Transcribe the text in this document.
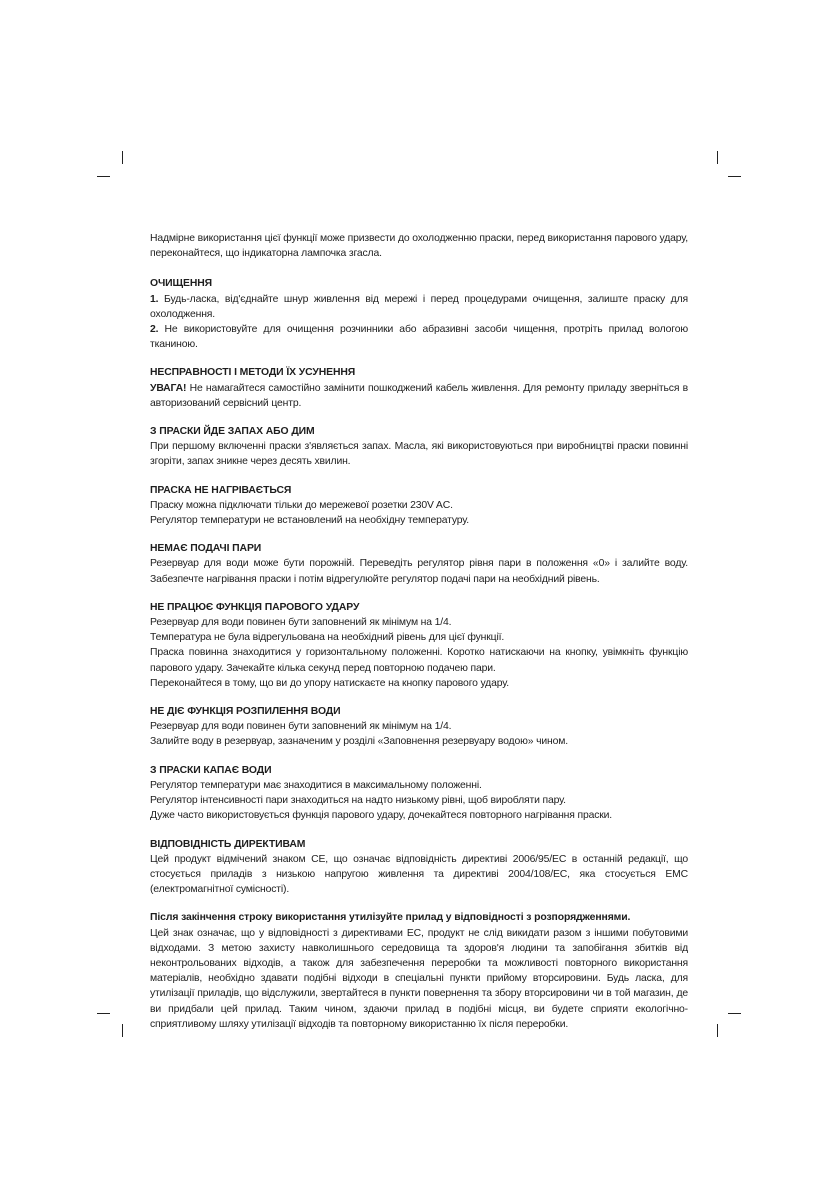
Надмірне використання цієї функції може призвести до охолодженню праски, перед використання парового удару, переконайтеся, що індикаторна лампочка згасла.

ОЧИЩЕННЯ

1. Будь-ласка, від'єднайте шнур живлення від мережі і перед процедурами очищення, залиште праску для охолодження.

2. Не використовуйте для очищення розчинники або абразивні засоби чищення, протріть прилад вологою тканиною.

НЕСПРАВНОСТІ І МЕТОДИ ЇХ УСУНЕННЯ

УВАГА! Не намагайтеся самостійно замінити пошкоджений кабель живлення. Для ремонту приладу зверніться в авторизований сервісний центр.

З ПРАСКИ ЙДЕ ЗАПАХ АБО ДИМ

При першому включенні праски з'являється запах. Масла, які використовуються при виробництві праски повинні згоріти, запах зникне через десять хвилин.

ПРАСКА НЕ НАГРІВАЄТЬСЯ

Праску можна підключати тільки до мережевої розетки 230V AC.

Регулятор температури не встановлений на необхідну температуру.

НЕМАЄ ПОДАЧІ ПАРИ

Резервуар для води може бути порожній. Переведіть регулятор рівня пари в положення «0» і залийте воду. Забезпечте нагрівання праски і потім відрегулюйте регулятор подачі пари на необхідний рівень.

НЕ ПРАЦЮЄ ФУНКЦІЯ ПАРОВОГО УДАРУ

Резервуар для води повинен бути заповнений як мінімум на 1/4.

Температура не була відрегульована на необхідний рівень для цієї функції.

Праска повинна знаходитися у горизонтальному положенні. Коротко натискаючи на кнопку, увімкніть функцію парового удару. Зачекайте кілька секунд перед повторною подачею пари.

Переконайтеся в тому, що ви до упору натискаєте на кнопку парового удару.

НЕ ДІЄ ФУНКЦІЯ РОЗПИЛЕННЯ ВОДИ

Резервуар для води повинен бути заповнений як мінімум на 1/4.

Залийте воду в резервуар, зазначеним у розділі «Заповнення резервуару водою» чином.

З ПРАСКИ КАПАЄ ВОДИ

Регулятор температури має знаходитися в максимальному положенні.

Регулятор інтенсивності пари знаходиться на надто низькому рівні, щоб виробляти пару.

Дуже часто використовується функція парового удару, дочекайтеся повторного нагрівання праски.

ВІДПОВІДНІСТЬ ДИРЕКТИВАМ

Цей продукт відмічений знаком CE, що означає відповідність директиві 2006/95/ЕС в останній редакції, що стосується приладів з низькою напругою живлення та директиві 2004/108/ЕС, яка стосується ЕМС (електромагнітної сумісності).

Після закінчення строку використання утилізуйте прилад у відповідності з розпорядженнями.

Цей знак означає, що у відповідності з директивами ЕС, продукт не слід викидати разом з іншими побутовими відходами. З метою захисту навколишнього середовища та здоров'я людини та запобігання збитків від неконтрольованих відходів, а також для забезпечення переробки та можливості повторного використання матеріалів, необхідно здавати подібні відходи в спеціальні пункти прийому вторсировини. Будь ласка, для утилізації приладів, що відслужили, звертайтеся в пункти повернення та збору вторсировини чи в той магазин, де ви придбали цей прилад. Таким чином, здаючи прилад в подібні місця, ви будете сприяти екологічно-сприятливому шляху утилізації відходів та повторному використанню їх після переробки.
